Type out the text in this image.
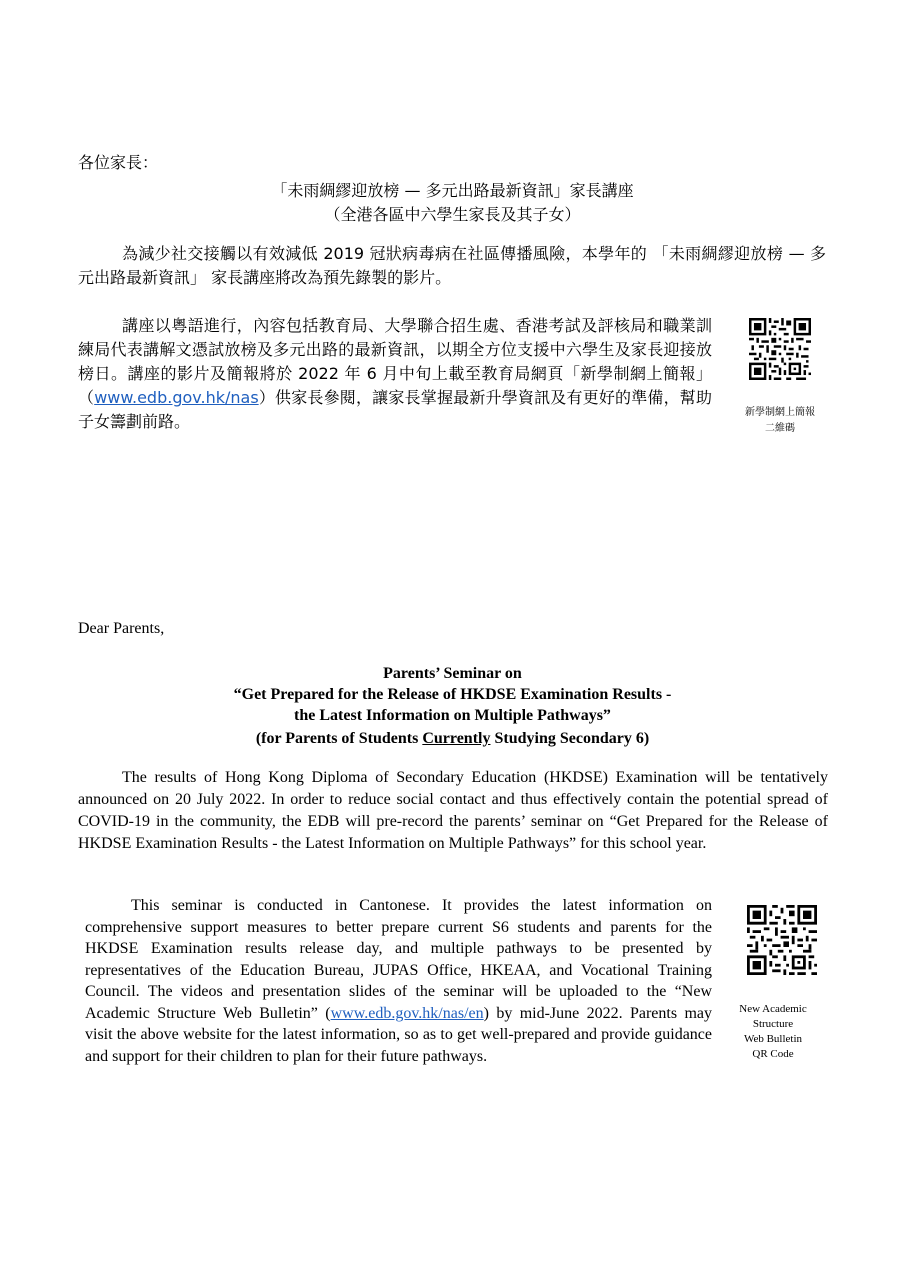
各位家長：
「未雨綢繆迎放榜 — 多元出路最新資訊」家長講座
（全港各區中六學生家長及其子女）

為減少社交接觸以有效減低 2019 冠狀病毒病在社區傳播風險，本學年的 「未雨綢繆迎放榜 — 多元出路最新資訊」 家長講座將改為預先錄製的影片。

講座以粵語進行，內容包括教育局、大學聯合招生處、香港考試及評核局和職業訓練局代表講解文憑試放榜及多元出路的最新資訊，以期全方位支援中六學生及家長迎接放榜日。講座的影片及簡報將於 2022 年 6 月中旬上載至教育局網頁「新學制網上簡報」（www.edb.gov.hk/nas）供家長參閱，讓家長掌握最新升學資訊及有更好的準備，幫助子女籌劃前路。	新學制網上簡報
二維碼
Dear Parents,
Parents’ Seminar on
“Get Prepared for the Release of HKDSE Examination Results -
the Latest Information on Multiple Pathways”
(for Parents of Students Currently Studying Secondary 6)

The results of Hong Kong Diploma of Secondary Education (HKDSE) Examination will be tentatively announced on 20 July 2022. In order to reduce social contact and thus effectively contain the potential spread of COVID-19 in the community, the EDB will pre-record the parents’ seminar on “Get Prepared for the Release of HKDSE Examination Results - the Latest Information on Multiple Pathways” for this school year.

This seminar is conducted in Cantonese. It provides the latest information on comprehensive support measures to better prepare current S6 students and parents for the HKDSE Examination results release day, and multiple pathways to be presented by representatives of the Education Bureau, JUPAS Office, HKEAA, and Vocational Training Council. The videos and presentation slides of the seminar will be uploaded to the “New Academic Structure Web Bulletin” (www.edb.gov.hk/nas/en) by mid-June 2022. Parents may visit the above website for the latest information, so as to get well-prepared and provide guidance and support for their children to plan for their future pathways.

New Academic
Structure
Web Bulletin
QR Code
